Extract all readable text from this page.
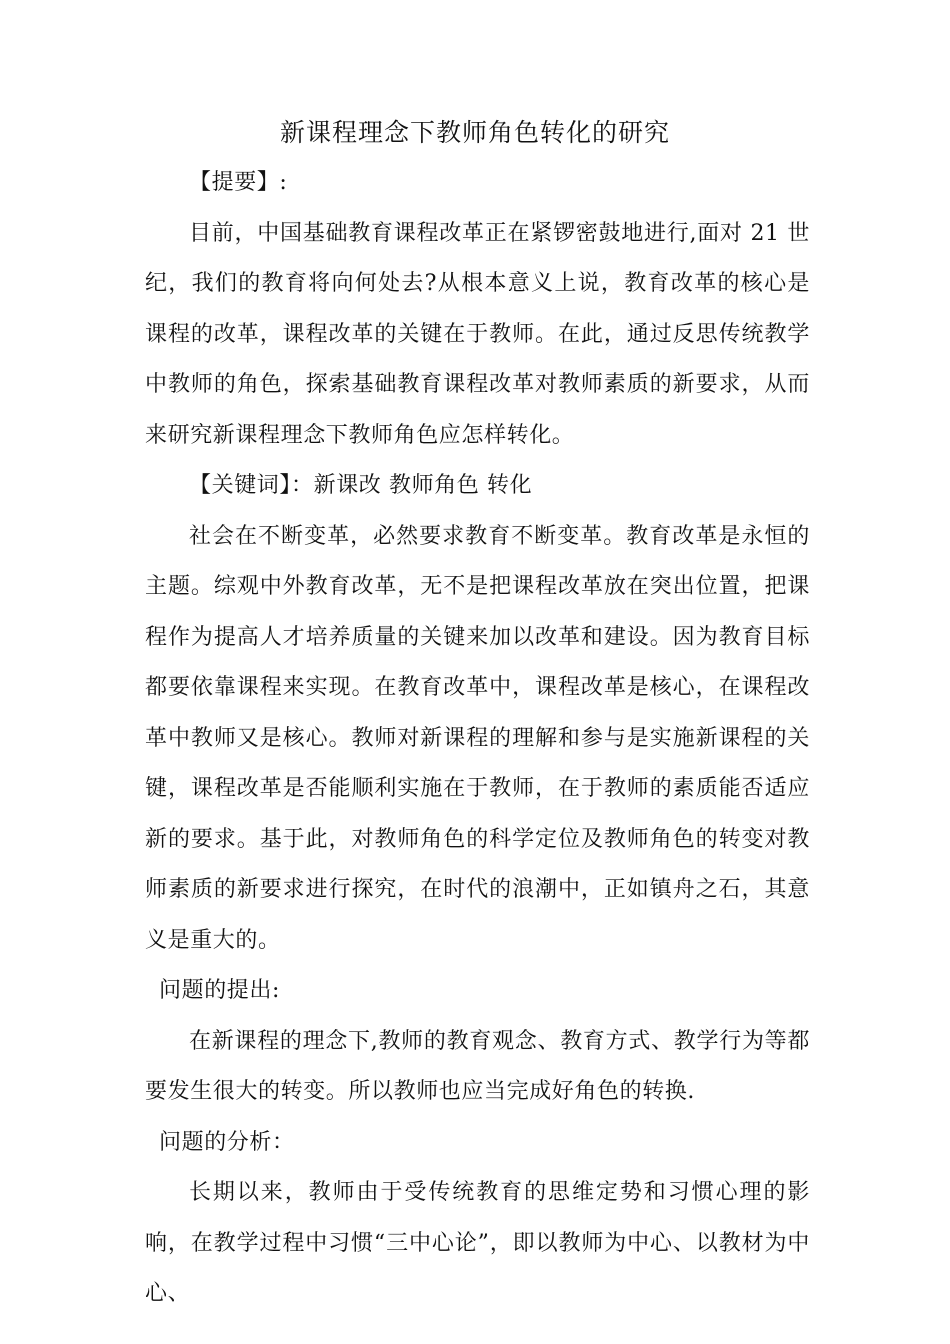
新课程理念下教师角色转化的研究

【提要】:

目前，中国基础教育课程改革正在紧锣密鼓地进行,面对 21 世纪，我们的教育将向何处去?从根本意义上说，教育改革的核心是课程的改革，课程改革的关键在于教师。在此，通过反思传统教学中教师的角色，探索基础教育课程改革对教师素质的新要求，从而来研究新课程理念下教师角色应怎样转化。

【关键词】：新课改 教师角色 转化

社会在不断变革，必然要求教育不断变革。教育改革是永恒的主题。综观中外教育改革，无不是把课程改革放在突出位置，把课程作为提高人才培养质量的关键来加以改革和建设。因为教育目标都要依靠课程来实现。在教育改革中，课程改革是核心，在课程改革中教师又是核心。教师对新课程的理解和参与是实施新课程的关键，课程改革是否能顺利实施在于教师，在于教师的素质能否适应新的要求。基于此，对教师角色的科学定位及教师角色的转变对教师素质的新要求进行探究，在时代的浪潮中，正如镇舟之石，其意义是重大的。

问题的提出:

在新课程的理念下,教师的教育观念、教育方式、教学行为等都要发生很大的转变。所以教师也应当完成好角色的转换.

问题的分析：

长期以来，教师由于受传统教育的思维定势和习惯心理的影响，在教学过程中习惯“三中心论”，即以教师为中心、以教材为中心、
